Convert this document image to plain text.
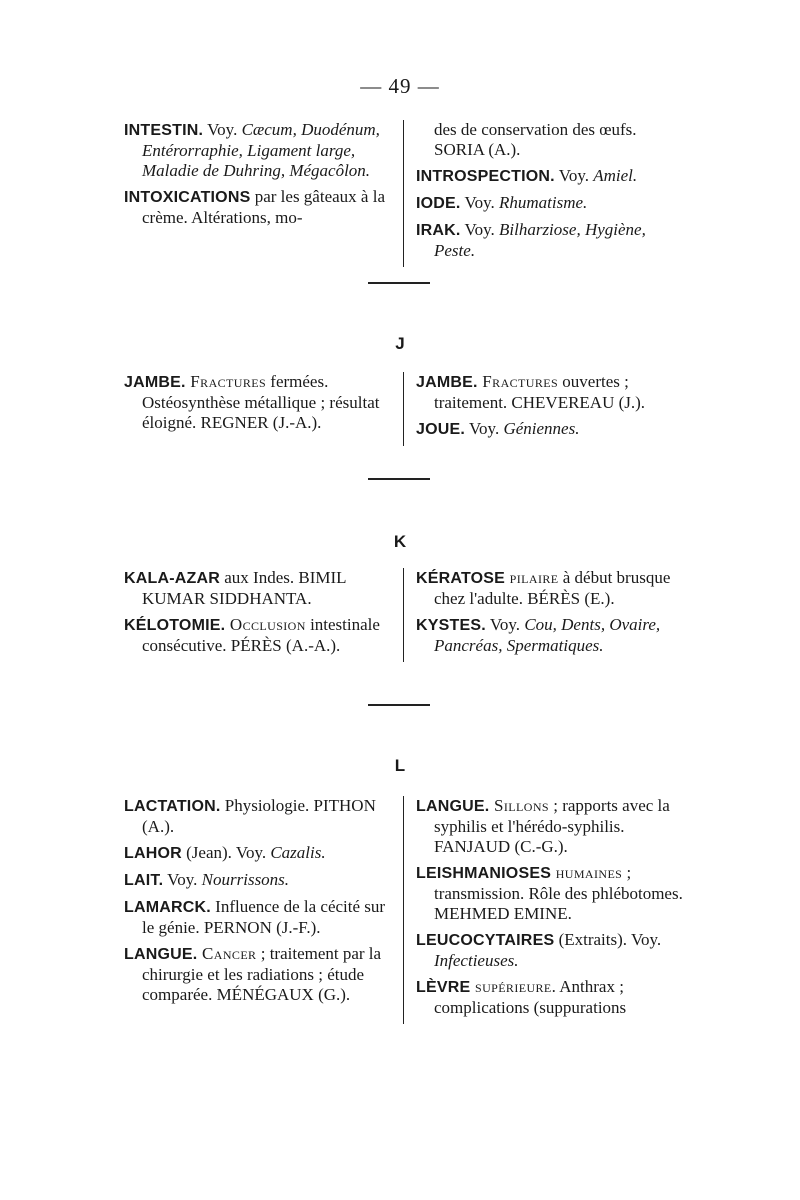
— 49 —
INTESTIN. Voy. Cæcum, Duodénum, Entérorraphie, Ligament large, Maladie de Duhring, Mégacôlon.
INTOXICATIONS par les gâteaux à la crème. Altérations, mo-
des de conservation des œufs. SORIA (A.).
INTROSPECTION. Voy. Amiel.
IODE. Voy. Rhumatisme.
IRAK. Voy. Bilharziose, Hygiène, Peste.
J
JAMBE. Fractures fermées. Ostéosynthèse métallique ; résultat éloigné. REGNER (J.-A.).
JAMBE. Fractures ouvertes ; traitement. CHEVEREAU (J.).
JOUE. Voy. Géniennes.
K
KALA-AZAR aux Indes. BIMIL KUMAR SIDDHANTA.
KÉLOTOMIE. Occlusion intestinale consécutive. PÉRÈS (A.-A.).
KÉRATOSE pilaire à début brusque chez l'adulte. BÉRÈS (E.).
KYSTES. Voy. Cou, Dents, Ovaire, Pancréas, Spermatiques.
L
LACTATION. Physiologie. PITHON (A.).
LAHOR (Jean). Voy. Cazalis.
LAIT. Voy. Nourrissons.
LAMARCK. Influence de la cécité sur le génie. PERNON (J.-F.).
LANGUE. Cancer ; traitement par la chirurgie et les radiations ; étude comparée. MÉNÉGAUX (G.).
LANGUE. Sillons ; rapports avec la syphilis et l'hérédo-syphilis. FANJAUD (C.-G.).
LEISHMANIOSES humaines ; transmission. Rôle des phlébotomes. MEHMED EMINE.
LEUCOCYTAIRES (Extraits). Voy. Infectieuses.
LÈVRE supérieure. Anthrax ; complications (suppurations
